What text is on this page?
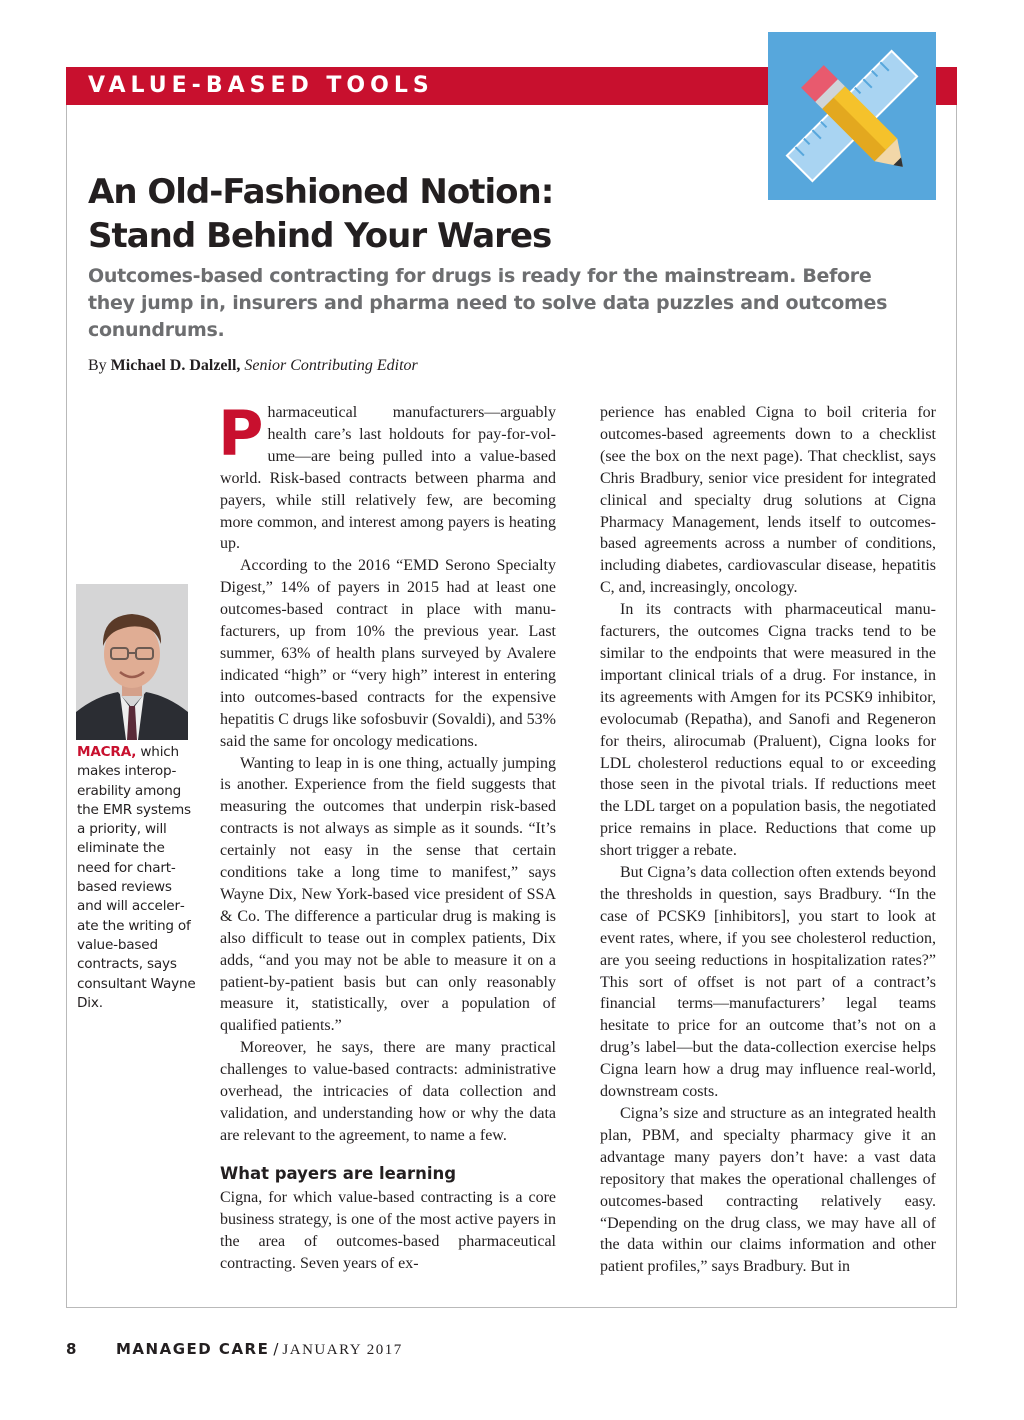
VALUE-BASED TOOLS
An Old-Fashioned Notion:
Stand Behind Your Wares
Outcomes-based contracting for drugs is ready for the mainstream. Before they jump in, insurers and pharma need to solve data puzzles and outcomes conundrums.
By Michael D. Dalzell, Senior Contributing Editor
MACRA, which makes interoperability among the EMR systems a priority, will eliminate the need for chart-based reviews and will accelerate the writing of value-based contracts, says consultant Wayne Dix.

Pharmaceutical manufacturers—arguably health care’s last holdouts for pay-for-volume—are being pulled into a value-based world. Risk-based contracts between pharma and payers, while still relatively few, are becoming more common, and interest among payers is heating up.

According to the 2016 “EMD Serono Specialty Digest,” 14% of payers in 2015 had at least one outcomes-based contract in place with manufacturers, up from 10% the previous year. Last summer, 63% of health plans surveyed by Avalere indicated “high” or “very high” interest in entering into outcomes-based contracts for the expensive hepatitis C drugs like sofosbuvir (Sovaldi), and 53% said the same for oncology medications.

Wanting to leap in is one thing, actually jumping is another. Experience from the field suggests that measuring the outcomes that underpin risk-based contracts is not always as simple as it sounds. “It’s certainly not easy in the sense that certain conditions take a long time to manifest,” says Wayne Dix, New York-based vice president of SSA & Co. The difference a particular drug is making is also difficult to tease out in complex patients, Dix adds, “and you may not be able to measure it on a patient-by-patient basis but can only reasonably measure it, statistically, over a population of qualified patients.”

Moreover, he says, there are many practical challenges to value-based contracts: administrative overhead, the intricacies of data collection and validation, and understanding how or why the data are relevant to the agreement, to name a few.

What payers are learning

Cigna, for which value-based contracting is a core business strategy, is one of the most active payers in the area of outcomes-based pharmaceutical contracting. Seven years of ex-

perience has enabled Cigna to boil criteria for outcomes-based agreements down to a checklist (see the box on the next page). That checklist, says Chris Bradbury, senior vice president for integrated clinical and specialty drug solutions at Cigna Pharmacy Management, lends itself to outcomes-based agreements across a number of conditions, including diabetes, cardiovascular disease, hepatitis C, and, increasingly, oncology.

In its contracts with pharmaceutical manufacturers, the outcomes Cigna tracks tend to be similar to the endpoints that were measured in the important clinical trials of a drug. For instance, in its agreements with Amgen for its PCSK9 inhibitor, evolocumab (Repatha), and Sanofi and Regeneron for theirs, alirocumab (Praluent), Cigna looks for LDL cholesterol reductions equal to or exceeding those seen in the pivotal trials. If reductions meet the LDL target on a population basis, the negotiated price remains in place. Reductions that come up short trigger a rebate.

But Cigna’s data collection often extends beyond the thresholds in question, says Bradbury. “In the case of PCSK9 [inhibitors], you start to look at event rates, where, if you see cholesterol reduction, are you seeing reductions in hospitalization rates?” This sort of offset is not part of a contract’s financial terms—manufacturers’ legal teams hesitate to price for an outcome that’s not on a drug’s label—but the data-collection exercise helps Cigna learn how a drug may influence real-world, downstream costs.

Cigna’s size and structure as an integrated health plan, PBM, and specialty pharmacy give it an advantage many payers don’t have: a vast data repository that makes the operational challenges of outcomes-based contracting relatively easy. “Depending on the drug class, we may have all of the data within our claims information and other patient profiles,” says Bradbury. But in

8	MANAGED CARE / JANUARY 2017
